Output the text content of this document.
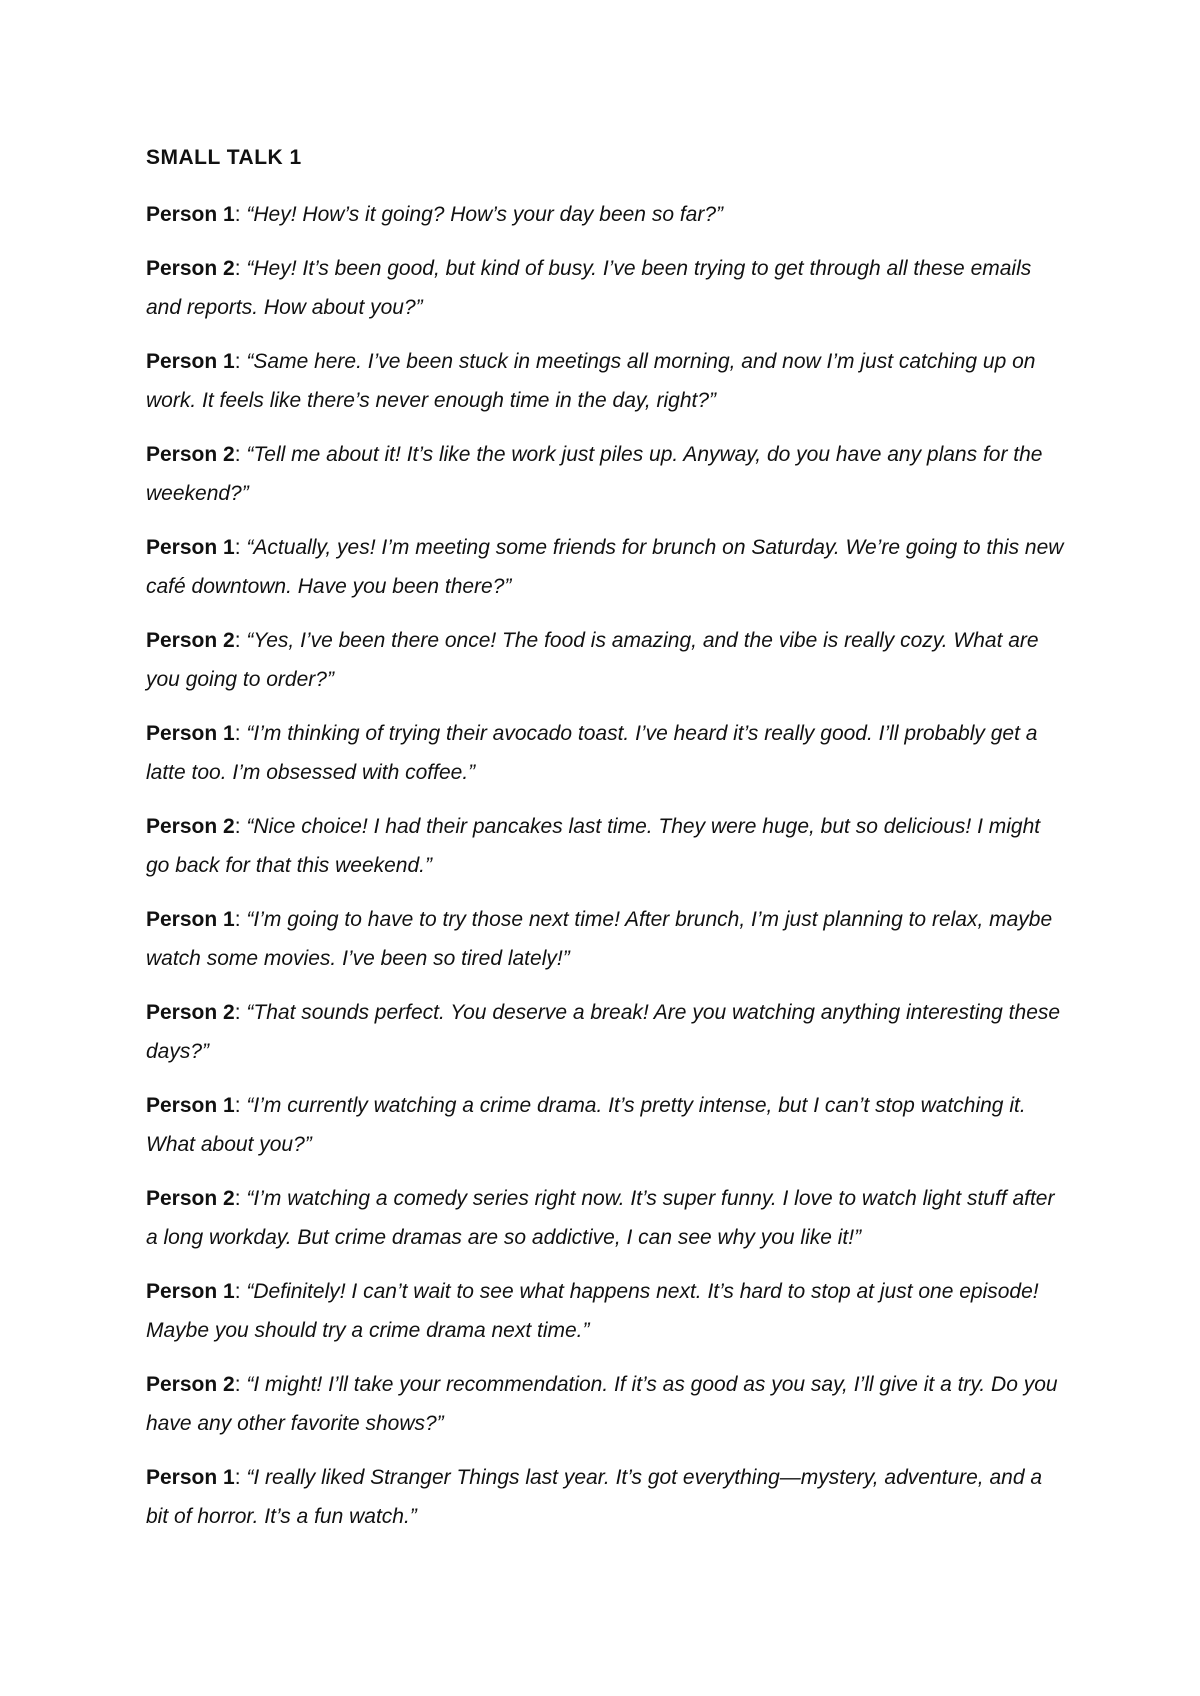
SMALL TALK 1

Person 1: “Hey! How’s it going? How’s your day been so far?”

Person 2: “Hey! It’s been good, but kind of busy. I’ve been trying to get through all these emails and reports. How about you?”

Person 1: “Same here. I’ve been stuck in meetings all morning, and now I’m just catching up on work. It feels like there’s never enough time in the day, right?”

Person 2: “Tell me about it! It’s like the work just piles up. Anyway, do you have any plans for the weekend?”

Person 1: “Actually, yes! I’m meeting some friends for brunch on Saturday. We’re going to this new café downtown. Have you been there?”

Person 2: “Yes, I’ve been there once! The food is amazing, and the vibe is really cozy. What are you going to order?”

Person 1: “I’m thinking of trying their avocado toast. I’ve heard it’s really good. I’ll probably get a latte too. I’m obsessed with coffee.”

Person 2: “Nice choice! I had their pancakes last time. They were huge, but so delicious! I might go back for that this weekend.”

Person 1: “I’m going to have to try those next time! After brunch, I’m just planning to relax, maybe watch some movies. I’ve been so tired lately!”

Person 2: “That sounds perfect. You deserve a break! Are you watching anything interesting these days?”

Person 1: “I’m currently watching a crime drama. It’s pretty intense, but I can’t stop watching it. What about you?”

Person 2: “I’m watching a comedy series right now. It’s super funny. I love to watch light stuff after a long workday. But crime dramas are so addictive, I can see why you like it!”

Person 1: “Definitely! I can’t wait to see what happens next. It’s hard to stop at just one episode! Maybe you should try a crime drama next time.”

Person 2: “I might! I’ll take your recommendation. If it’s as good as you say, I’ll give it a try. Do you have any other favorite shows?”

Person 1: “I really liked Stranger Things last year. It’s got everything—mystery, adventure, and a bit of horror. It’s a fun watch.”
